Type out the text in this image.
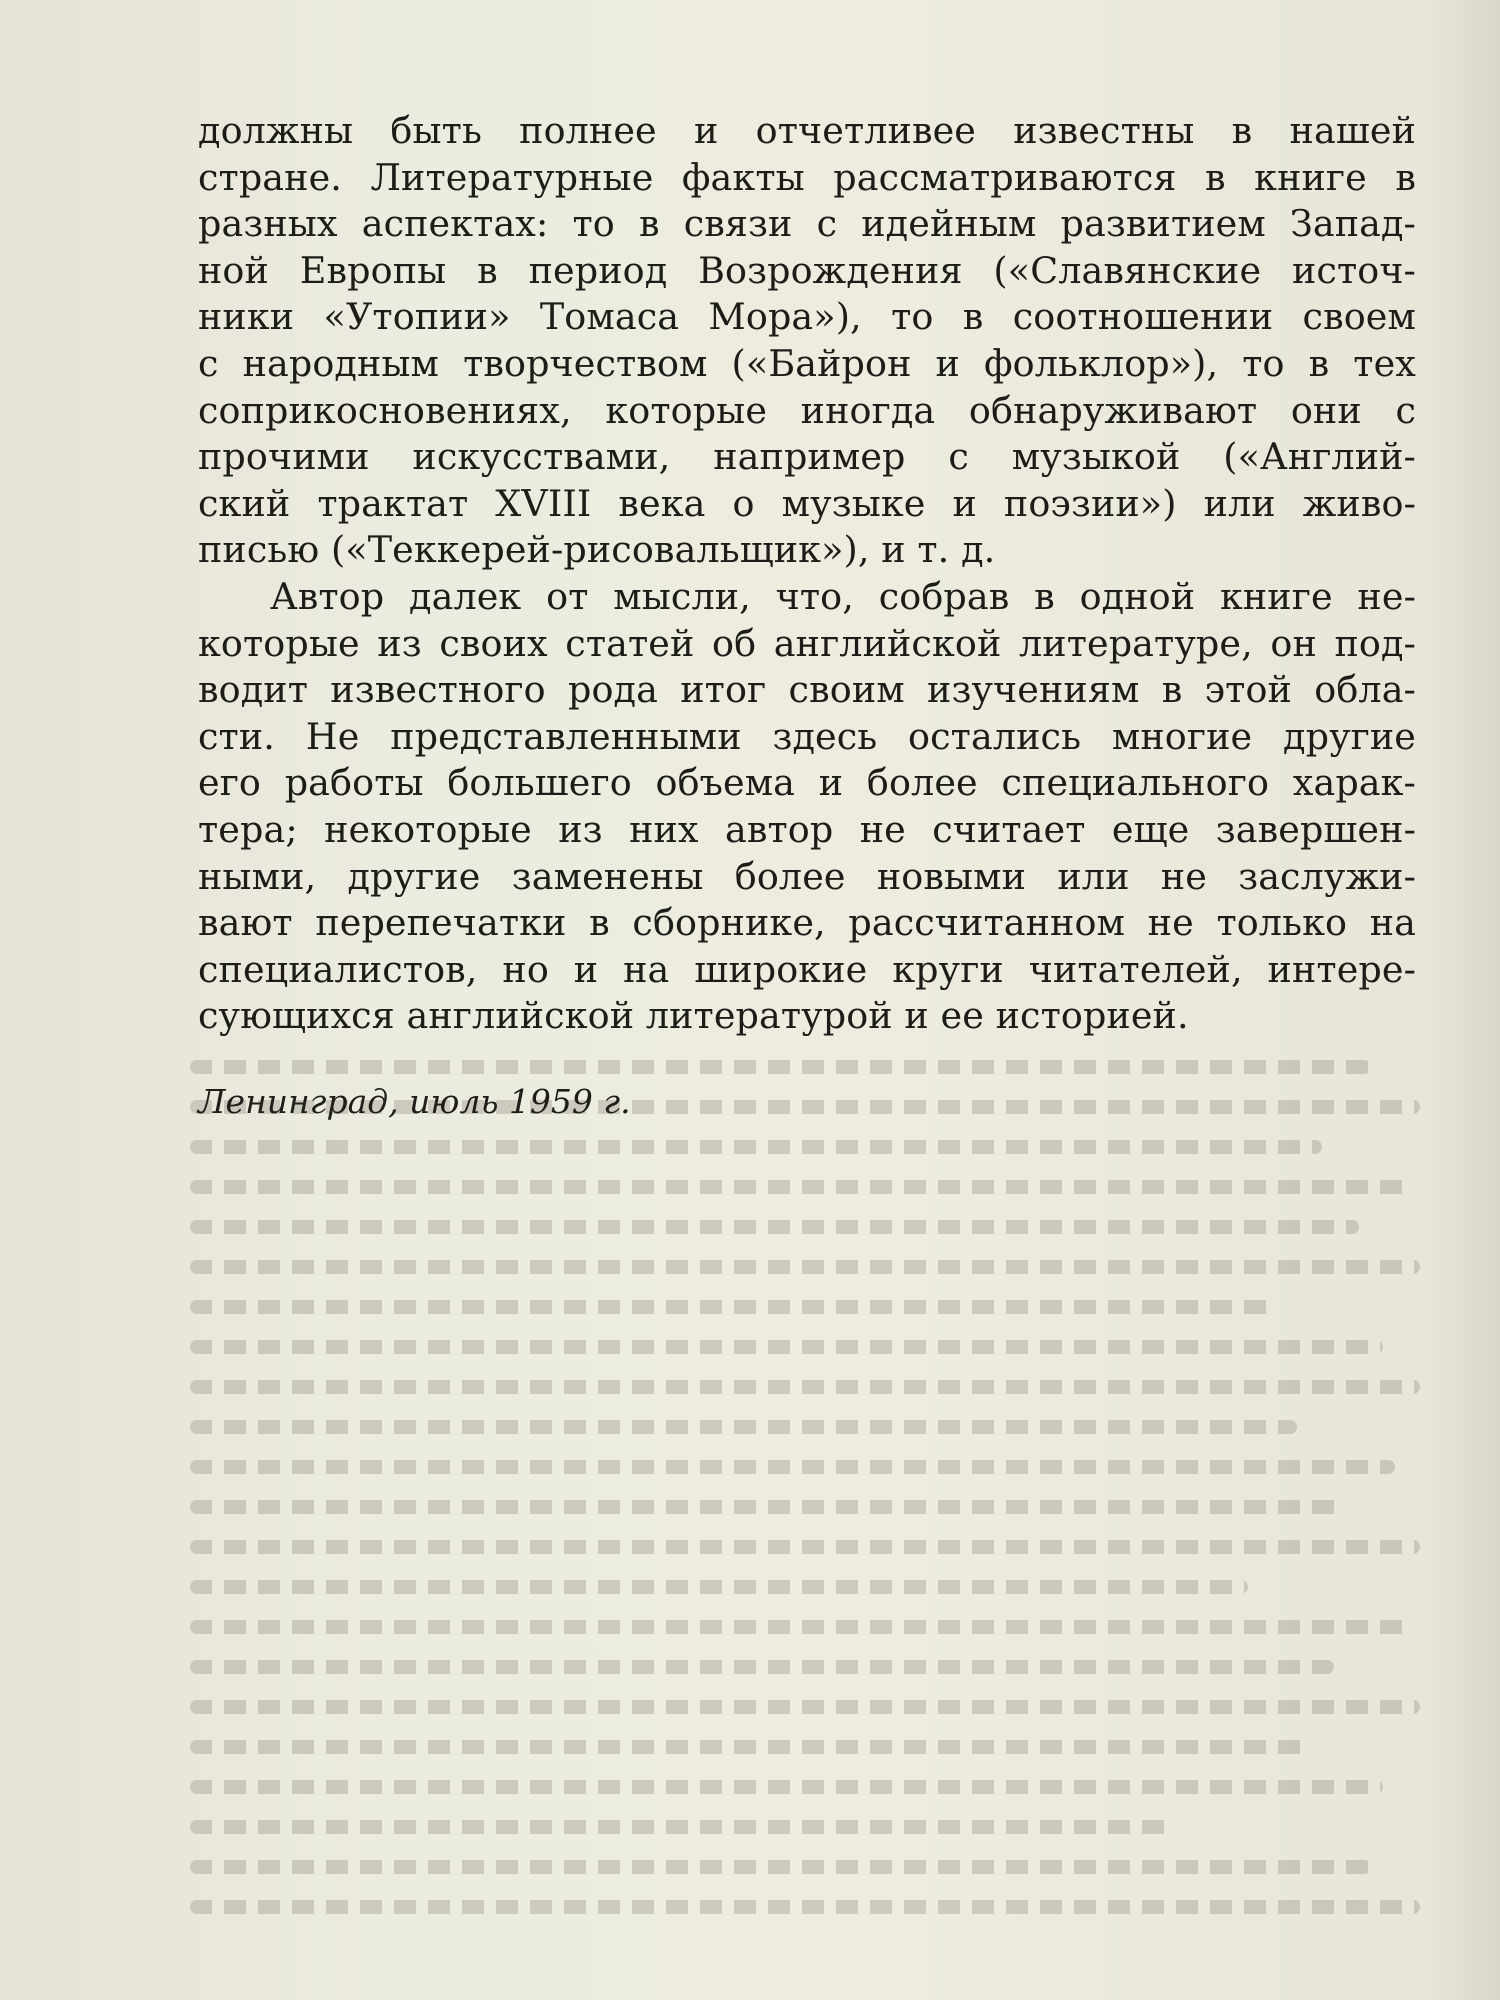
должны быть полнее и отчетливее известны в нашей
стране. Литературные факты рассматриваются в книге в
разных аспектах: то в связи с идейным развитием Запад-
ной Европы в период Возрождения («Славянские источ-
ники «Утопии» Томаса Мора»), то в соотношении своем
с народным творчеством («Байрон и фольклор»), то в тех
соприкосновениях, которые иногда обнаруживают они с
прочими искусствами, например с музыкой («Англий-
ский трактат XVIII века о музыке и поэзии») или живо-
писью («Теккерей-рисовальщик»), и т. д.
Автор далек от мысли, что, собрав в одной книге не-
которые из своих статей об английской литературе, он под-
водит известного рода итог своим изучениям в этой обла-
сти. Не представленными здесь остались многие другие
его работы большего объема и более специального харак-
тера; некоторые из них автор не считает еще завершен-
ными, другие заменены более новыми или не заслужи-
вают перепечатки в сборнике, рассчитанном не только на
специалистов, но и на широкие круги читателей, интере-
сующихся английской литературой и ее историей.
Ленинград, июль 1959 г.
